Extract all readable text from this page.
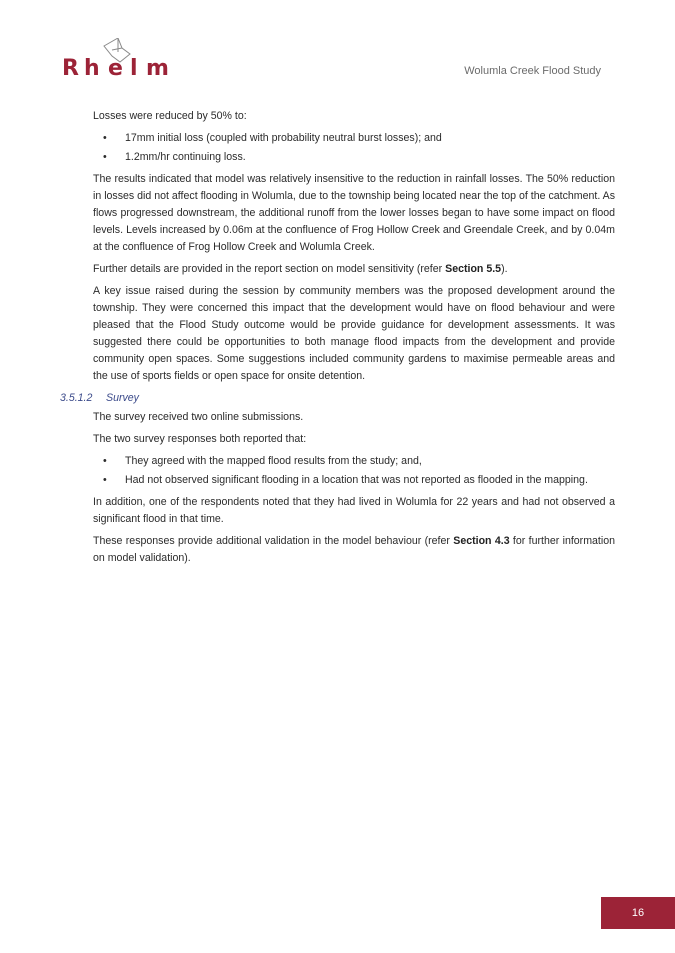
R h e l m	Wolumla Creek Flood Study

Losses were reduced by 50% to:

• 17mm initial loss (coupled with probability neutral burst losses); and
• 1.2mm/hr continuing loss.

The results indicated that model was relatively insensitive to the reduction in rainfall losses. The 50% reduction in losses did not affect flooding in Wolumla, due to the township being located near the top of the catchment. As flows progressed downstream, the additional runoff from the lower losses began to have some impact on flood levels. Levels increased by 0.06m at the confluence of Frog Hollow Creek and Greendale Creek, and by 0.04m at the confluence of Frog Hollow Creek and Wolumla Creek.

Further details are provided in the report section on model sensitivity (refer Section 5.5).

A key issue raised during the session by community members was the proposed development around the township. They were concerned this impact that the development would have on flood behaviour and were pleased that the Flood Study outcome would be provide guidance for development assessments. It was suggested there could be opportunities to both manage flood impacts from the development and provide community open spaces. Some suggestions included community gardens to maximise permeable areas and the use of sports fields or open space for onsite detention.

3.5.1.2 Survey

The survey received two online submissions.

The two survey responses both reported that:

• They agreed with the mapped flood results from the study; and,
• Had not observed significant flooding in a location that was not reported as flooded in the mapping.

In addition, one of the respondents noted that they had lived in Wolumla for 22 years and had not observed a significant flood in that time.

These responses provide additional validation in the model behaviour (refer Section 4.3 for further information on model validation).

16
